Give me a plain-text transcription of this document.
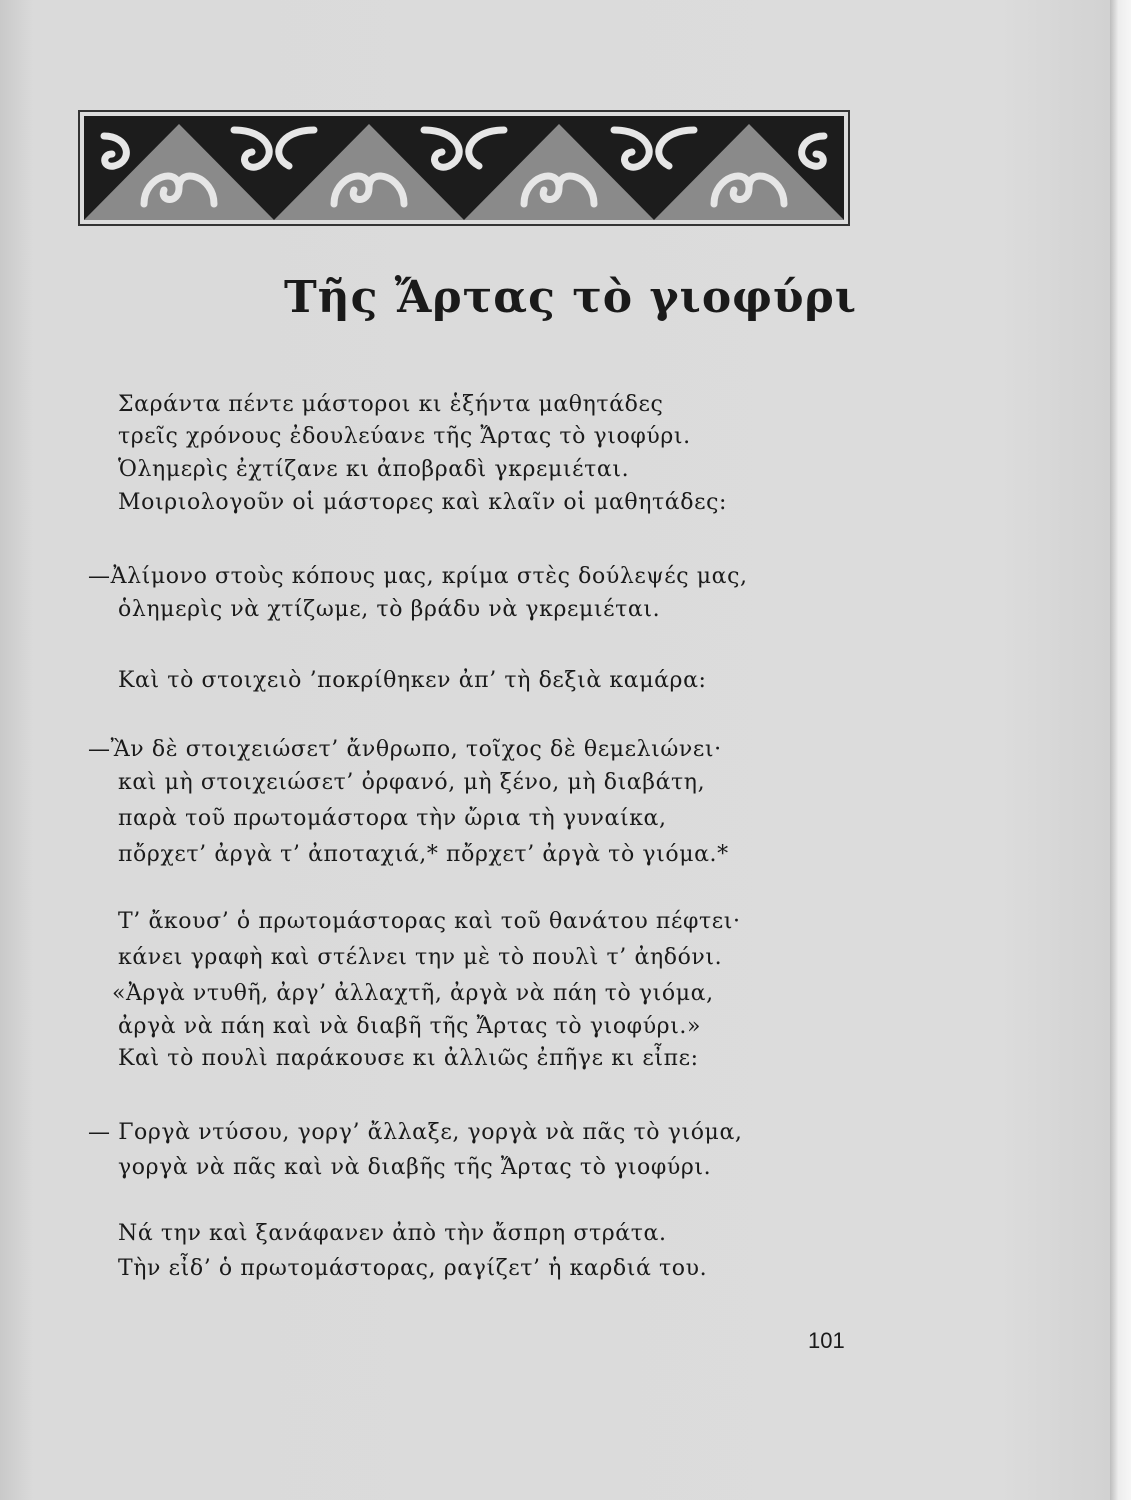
Τῆς Ἄρτας τὸ γιοφύρι

Σαράντα πέντε μάστοροι κι ἑξήντα μαθητάδες

τρεῖς χρόνους ἐδουλεύανε τῆς Ἄρτας τὸ γιοφύρι.

Ὁλημερὶς ἐχτίζανε κι ἀποβραδὶ γκρεμιέται.

Μοιριολογοῦν οἱ μάστορες καὶ κλαῖν οἱ μαθητάδες:

—Ἀλίμονο στοὺς κόπους μας, κρίμα στὲς δούλεψές μας,

ὁλημερὶς νὰ χτίζωμε, τὸ βράδυ νὰ γκρεμιέται.

Καὶ τὸ στοιχειὸ ’ποκρίθηκεν ἀπ’ τὴ δεξιὰ καμάρα:

—Ἂν δὲ στοιχειώσετ’ ἄνθρωπο, τοῖχος δὲ θεμελιώνει·

καὶ μὴ στοιχειώσετ’ ὀρφανό, μὴ ξένο, μὴ διαβάτη,

παρὰ τοῦ πρωτομάστορα τὴν ὤρια τὴ γυναίκα,

πὄρχετ’ ἀργὰ τ’ ἀποταχιά,* πὄρχετ’ ἀργὰ τὸ γιόμα.*

Τ’ ἄκουσ’ ὁ πρωτομάστορας καὶ τοῦ θανάτου πέφτει·

κάνει γραφὴ καὶ στέλνει την μὲ τὸ πουλὶ τ’ ἀηδόνι.

«Ἀργὰ ντυθῆ, ἀργ’ ἀλλαχτῆ, ἀργὰ νὰ πάη τὸ γιόμα,

ἀργὰ νὰ πάη καὶ νὰ διαβῆ τῆς Ἄρτας τὸ γιοφύρι.»

Καὶ τὸ πουλὶ παράκουσε κι ἀλλιῶς ἐπῆγε κι εἶπε:

— Γοργὰ ντύσου, γοργ’ ἄλλαξε, γοργὰ νὰ πᾶς τὸ γιόμα,

γοργὰ νὰ πᾶς καὶ νὰ διαβῆς τῆς Ἄρτας τὸ γιοφύρι.

Νά την καὶ ξανάφανεν ἀπὸ τὴν ἄσπρη στράτα.

Τὴν εἶδ’ ὁ πρωτομάστορας, ραγίζετ’ ἡ καρδιά του.

101
